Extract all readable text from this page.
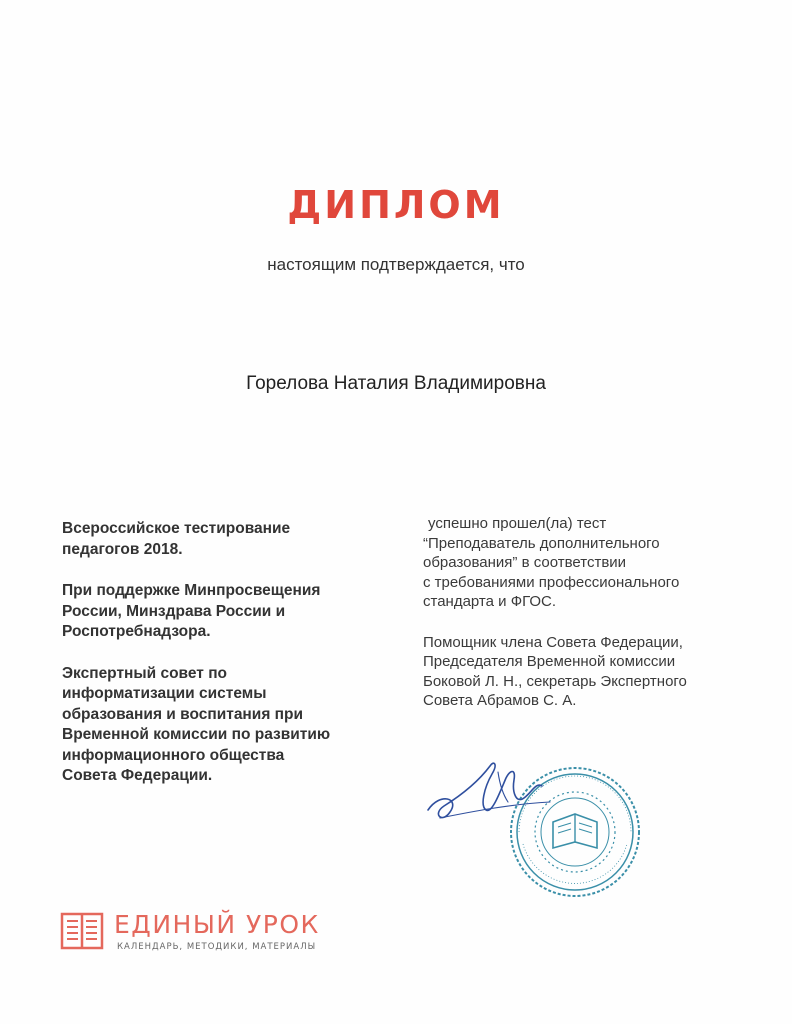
ДИПЛОМ
настоящим подтверждается, что
Горелова Наталия Владимировна

Всероссийское тестирование
педагогов 2018.

При поддержке Минпросвещения
России, Минздрава России и
Роспотребнадзора.

Экспертный совет по
информатизации системы
образования и воспитания при
Временной комиссии по развитию
информационного общества
Совета Федерации.

успешно прошел(ла) тест
“Преподаватель дополнительного
образования” в соответствии
с требованиями профессионального
стандарта и ФГОС.

Помощник члена Совета Федерации,
Председателя Временной комиссии
Боковой Л. Н., секретарь Экспертного
Совета Абрамов С. А.

ЕДИНЫЙ УРОК
КАЛЕНДАРЬ, МЕТОДИКИ, МАТЕРИАЛЫ
